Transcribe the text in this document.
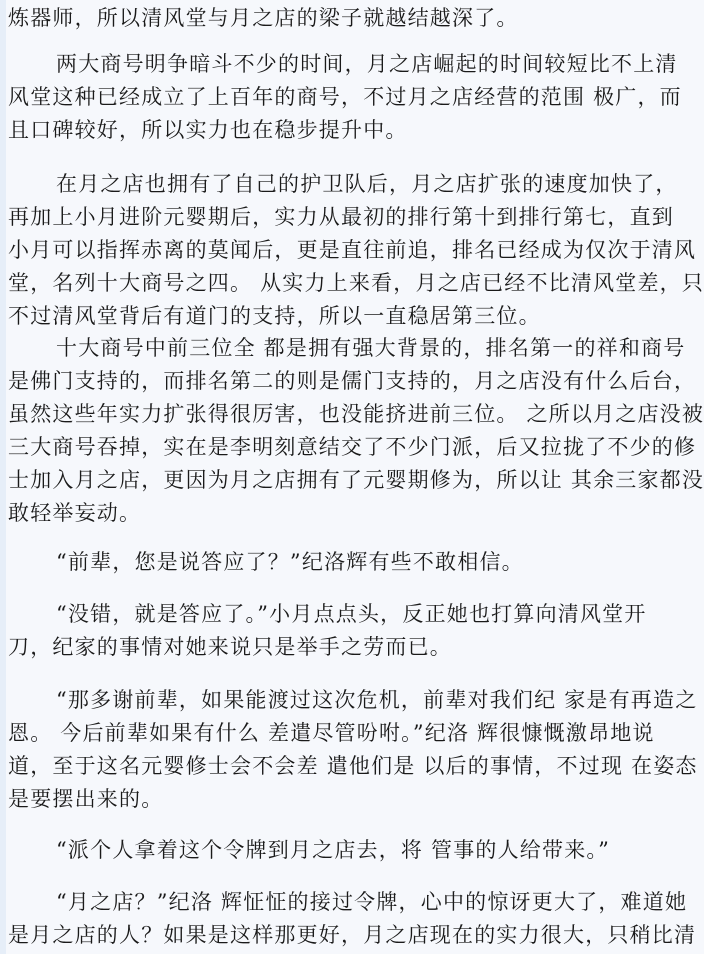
炼器师，所以清风堂与月之店的梁子就越结越深了。
两大商号明争暗斗不少的时间，月之店崛起的时间较短比不上清
风堂这种已经成立了上百年的商号，不过月之店经营的范围 极广，而
且口碑较好，所以实力也在稳步提升中。
在月之店也拥有了自己的护卫队后，月之店扩张的速度加快了，
再加上小月进阶元婴期后，实力从最初的排行第十到排行第七，直到
小月可以指挥赤离的莫闻后，更是直往前追，排名已经成为仅次于清风
堂，名列十大商号之四。 从实力上来看，月之店已经不比清风堂差，只
不过清风堂背后有道门的支持，所以一直稳居第三位。
十大商号中前三位全 都是拥有强大背景的，排名第一的祥和商号
是佛门支持的，而排名第二的则是儒门支持的，月之店没有什么后台，
虽然这些年实力扩张得很厉害，也没能挤进前三位。 之所以月之店没被
三大商号吞掉，实在是李明刻意结交了不少门派，后又拉拢了不少的修
士加入月之店，更因为月之店拥有了元婴期修为，所以让 其余三家都没
敢轻举妄动。
“前辈，您是说答应了？”纪洛辉有些不敢相信。
“没错，就是答应了。”小月点点头，反正她也打算向清风堂开
刀，纪家的事情对她来说只是举手之劳而已。
“那多谢前辈，如果能渡过这次危机，前辈对我们纪 家是有再造之
恩。 今后前辈如果有什么 差遣尽管吩咐。”纪洛 辉很慷慨激昂地说
道，至于这名元婴修士会不会差 遣他们是 以后的事情，不过现 在姿态
是要摆出来的。
“派个人拿着这个令牌到月之店去，将 管事的人给带来。”
“月之店？”纪洛 辉怔怔的接过令牌，心中的惊讶更大了，难道她
是月之店的人？如果是这样那更好，月之店现在的实力很大，只稍比清
